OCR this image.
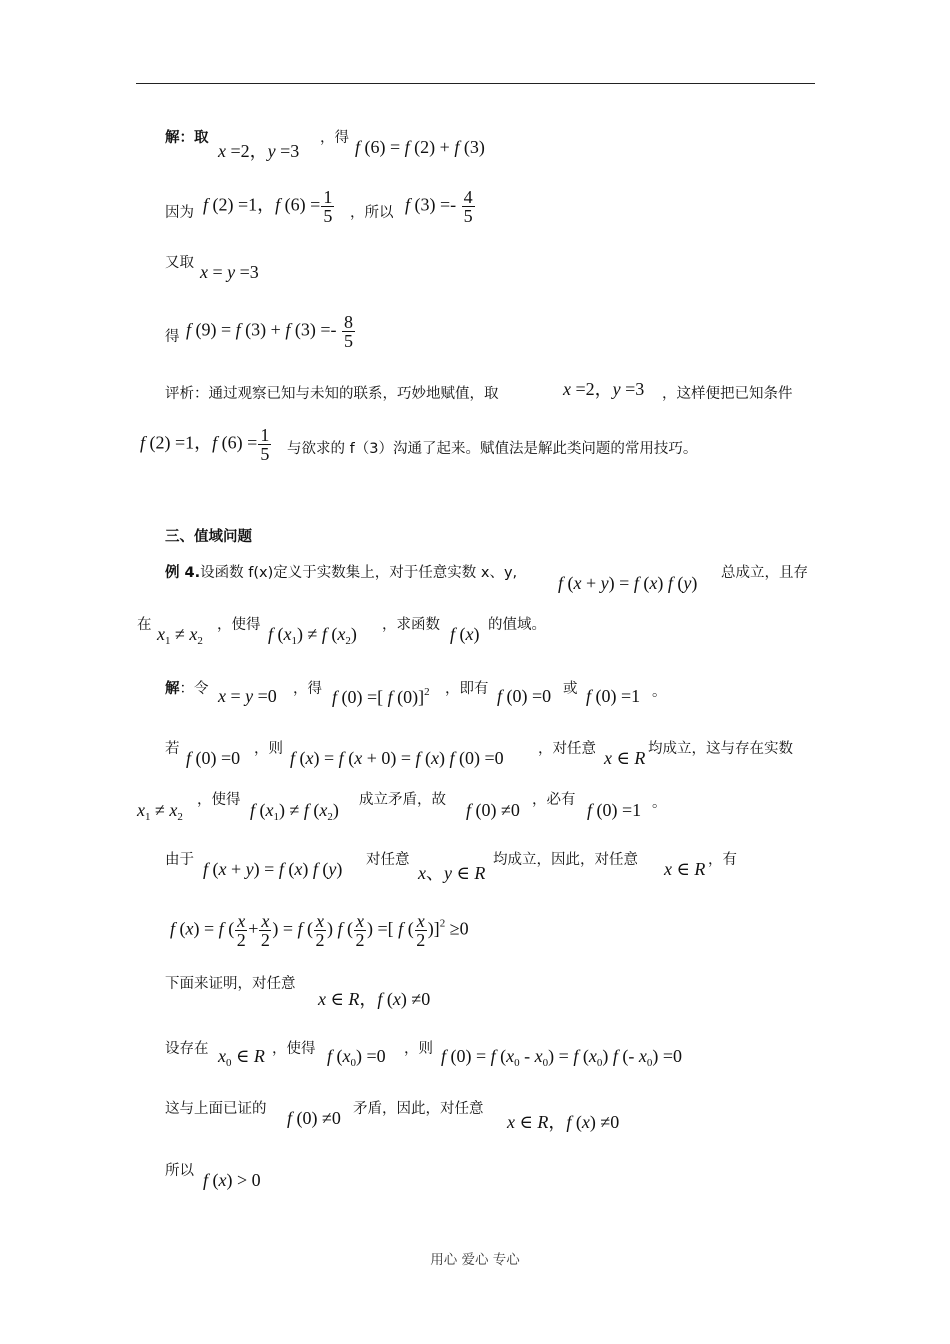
解：取
x =2，y =3
，得 f (6) = f (2) + f (3)
因为 f (2) =1，f $(6) = \frac{1}{5}$ ，所以 f $(3) =- \frac{4}{5}$
又取 x = y =3
得 f (9) = f (3) + f $(3) =- \frac{8}{5}$
评析：通过观察已知与未知的联系，巧妙地赋值，取	x =2，y =3 ，这样便把已知条件
f (2) =1，f $(6) = \frac{1}{5}$ 与欲求的 f（3）沟通了起来。赋值法是解此类问题的常用技巧。
三、值域问题
例 4.设函数 f(x)定义于实数集上，对于任意实数 x、y, f (x + y) = f (x) f (y) 总成立，且存
在 $x_1 \ne x_2$
，使得 f $(x_1) \ne f$ $(x_2)$ ，求函数 f (x) 的值域。
解：令 x = y =0 ，得 f (0) =[ f (0)]$^2$ ，即有 f (0) =0 或 f (0) =1 。
若 f (0) =0 ，则 f (x) = f (x + 0) = f (x) f (0) =0 ，对任意 x ∈ R 均成立，这与存在实数
$x_1 \ne x_2$
，使得 f $(x_1) \ne f$ $(x_2)$ 成立矛盾，故 f (0) ≠0 ，必有 f (0) =1 。
由于 f (x + y) = f (x) f (y) 对任意
x、y ∈ R
均成立，因此，对任意 x ∈ R ，有
f (x) = f ( $\frac{x}{2} + \frac{x}{2}$ ) = f ( $\frac{x}{2}$ ) f ( $\frac{x}{2}$ ) =[ f ( $\frac{x}{2} )]^2 \ge 0$
下面来证明，对任意
x ∈ R，f (x) ≠0
设存在 $x_0$ ∈ R ，使得 f $(x_0) =0$ ，则 f (0) = f $(x_0 - x_0) = f$ $(x_0)$ f (- $x_0) =0$
这与上面已证的 f (0) ≠0 矛盾，因此，对任意
x ∈ R，f (x) ≠0
所以 f (x) > 0
用心 爱心 专心
